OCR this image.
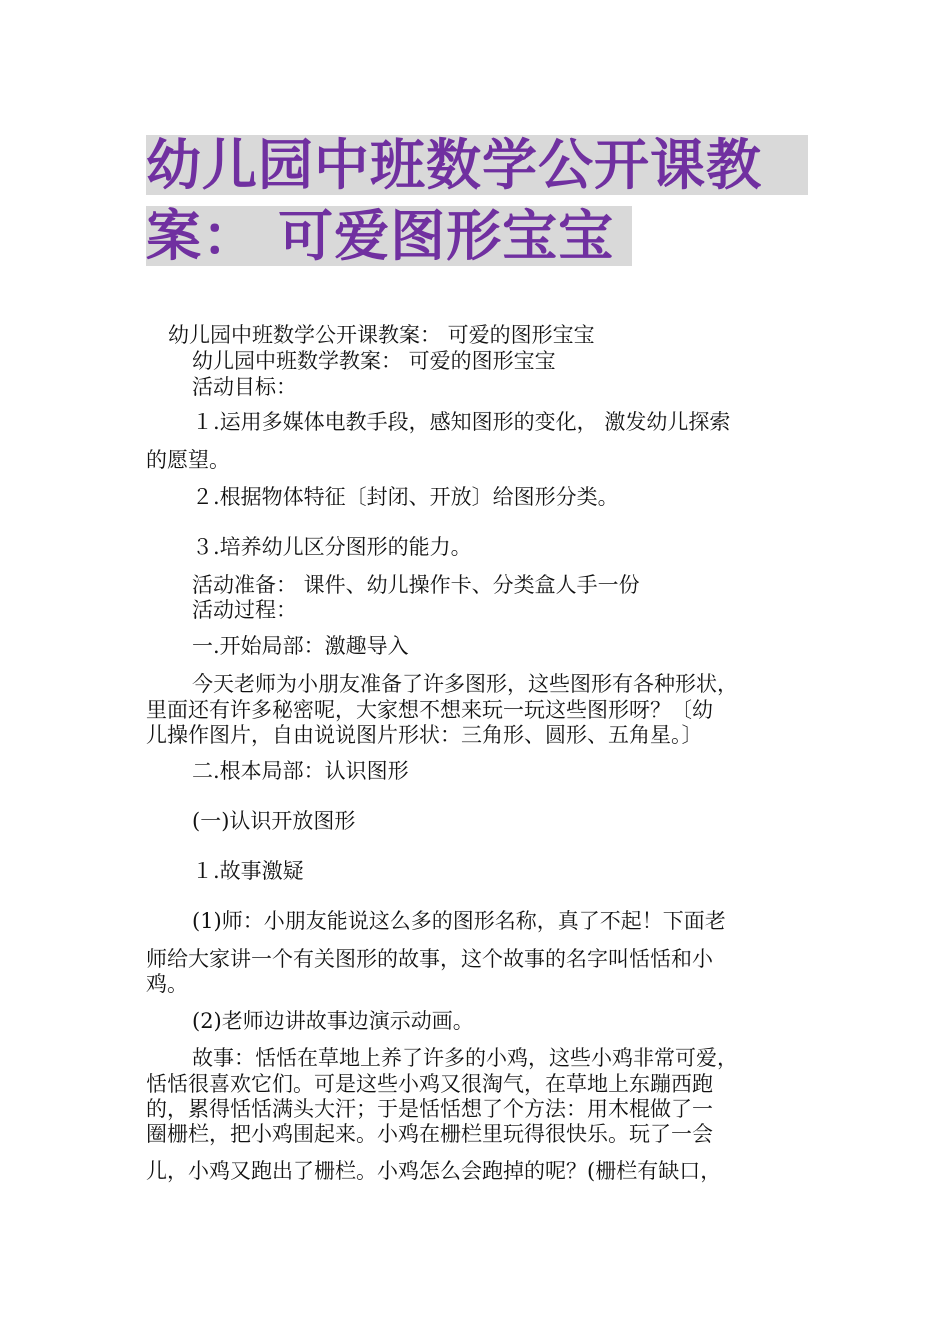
幼儿园中班数学公开课教
案： 可爱图形宝宝
幼儿园中班数学公开课教案： 可爱的图形宝宝
幼儿园中班数学教案： 可爱的图形宝宝
活动目标：
１.运用多媒体电教手段，感知图形的变化， 激发幼儿探索
的愿望。
２.根据物体特征〔封闭、开放〕给图形分类。
３.培养幼儿区分图形的能力。
活动准备： 课件、幼儿操作卡、分类盒人手一份
活动过程：
一.开始局部：激趣导入
今天老师为小朋友准备了许多图形，这些图形有各种形状，
里面还有许多秘密呢，大家想不想来玩一玩这些图形呀？〔幼
儿操作图片，自由说说图片形状：三角形、圆形、五角星。〕
二.根本局部：认识图形
(一)认识开放图形
１.故事激疑
(1)师：小朋友能说这么多的图形名称，真了不起！下面老
师给大家讲一个有关图形的故事，这个故事的名字叫恬恬和小
鸡。
(2)老师边讲故事边演示动画。
故事：恬恬在草地上养了许多的小鸡，这些小鸡非常可爱，
恬恬很喜欢它们。可是这些小鸡又很淘气，在草地上东蹦西跑
的，累得恬恬满头大汗；于是恬恬想了个方法：用木棍做了一
圈栅栏，把小鸡围起来。小鸡在栅栏里玩得很快乐。玩了一会
儿，小鸡又跑出了栅栏。小鸡怎么会跑掉的呢？(栅栏有缺口，
